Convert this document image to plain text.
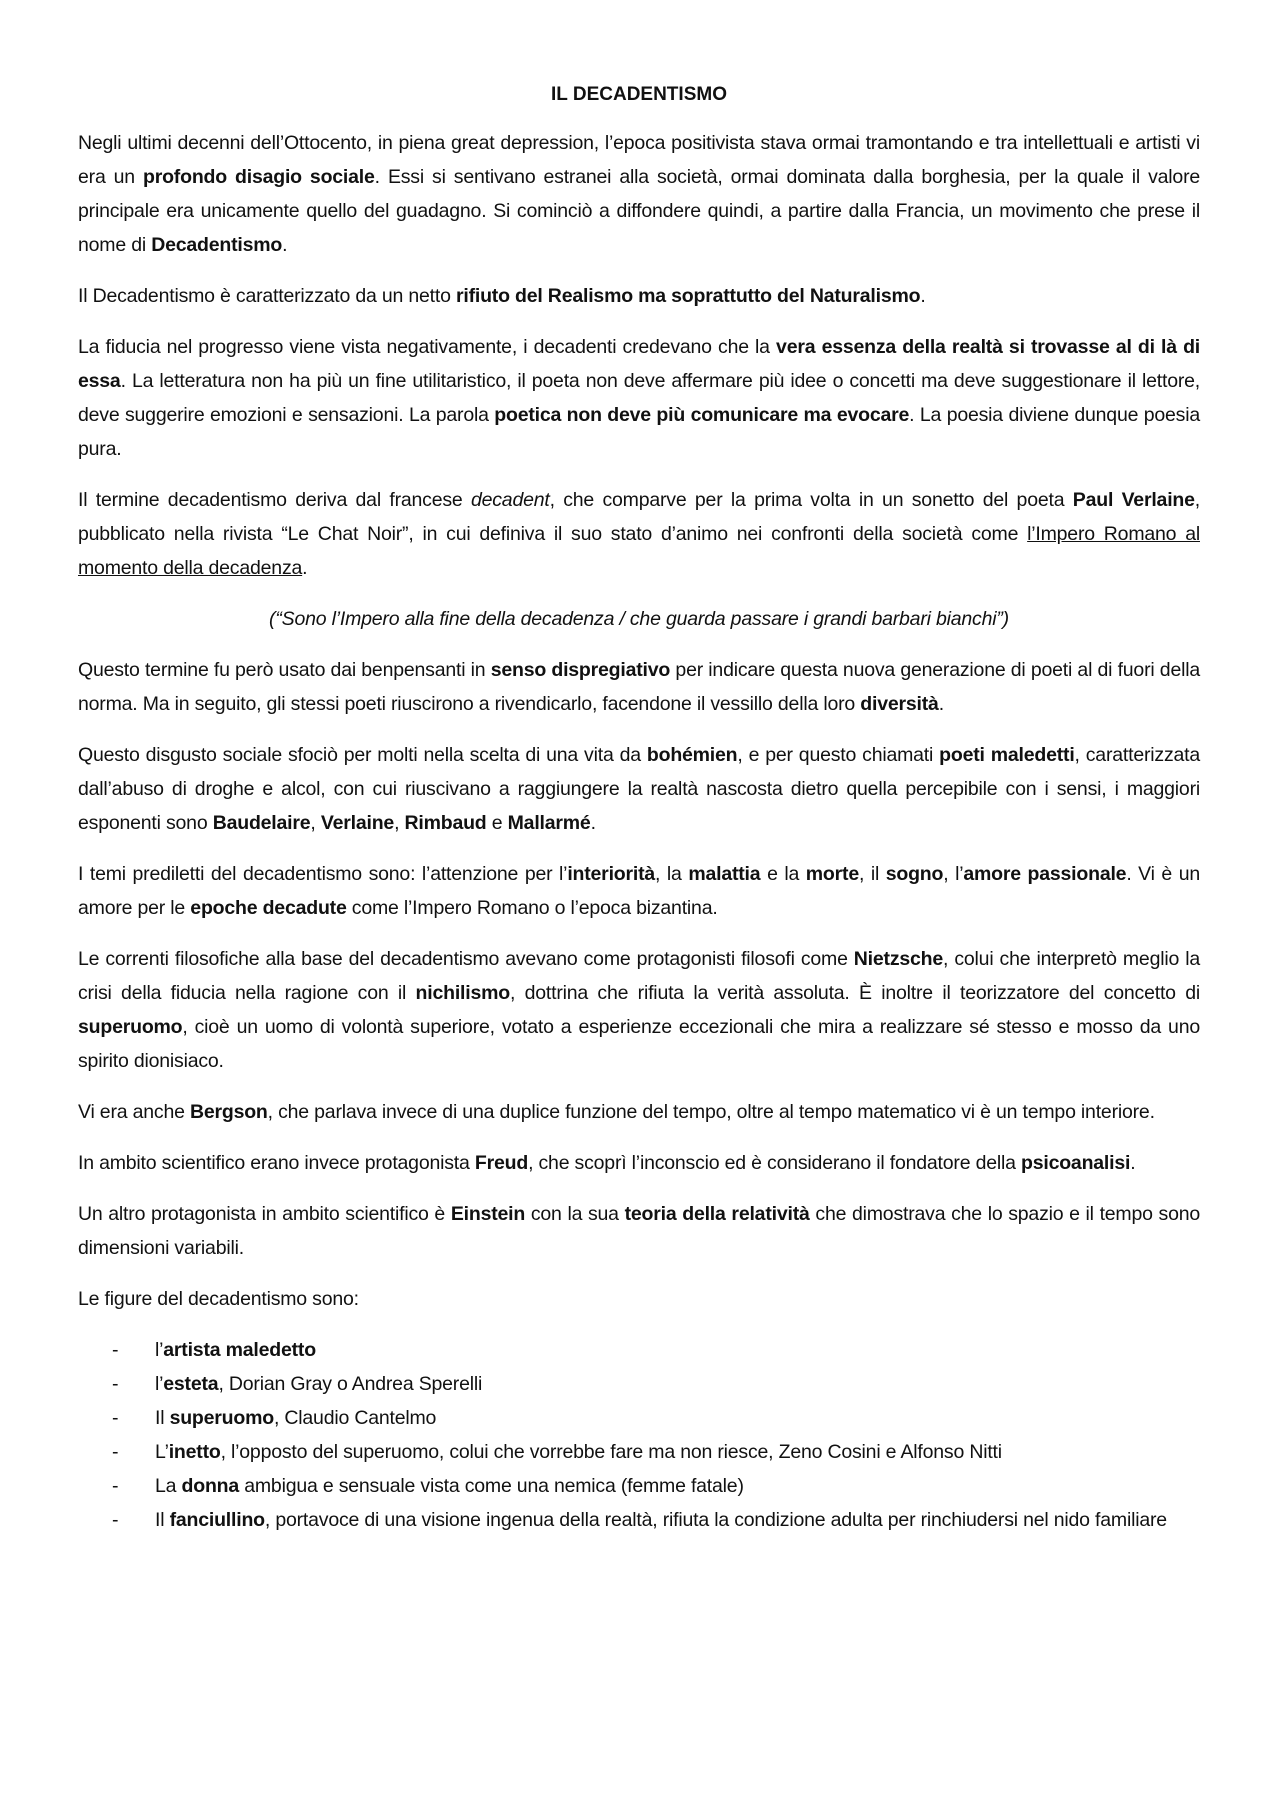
IL DECADENTISMO

Negli ultimi decenni dell’Ottocento, in piena great depression, l’epoca positivista stava ormai tramontando e tra intellettuali e artisti vi era un profondo disagio sociale. Essi si sentivano estranei alla società, ormai dominata dalla borghesia, per la quale il valore principale era unicamente quello del guadagno. Si cominciò a diffondere quindi, a partire dalla Francia, un movimento che prese il nome di Decadentismo.

Il Decadentismo è caratterizzato da un netto rifiuto del Realismo ma soprattutto del Naturalismo.

La fiducia nel progresso viene vista negativamente, i decadenti credevano che la vera essenza della realtà si trovasse al di là di essa. La letteratura non ha più un fine utilitaristico, il poeta non deve affermare più idee o concetti ma deve suggestionare il lettore, deve suggerire emozioni e sensazioni. La parola poetica non deve più comunicare ma evocare. La poesia diviene dunque poesia pura.

Il termine decadentismo deriva dal francese decadent, che comparve per la prima volta in un sonetto del poeta Paul Verlaine, pubblicato nella rivista “Le Chat Noir”, in cui definiva il suo stato d’animo nei confronti della società come l’Impero Romano al momento della decadenza.

(“Sono l’Impero alla fine della decadenza / che guarda passare i grandi barbari bianchi”)

Questo termine fu però usato dai benpensanti in senso dispregiativo per indicare questa nuova generazione di poeti al di fuori della norma. Ma in seguito, gli stessi poeti riuscirono a rivendicarlo, facendone il vessillo della loro diversità.

Questo disgusto sociale sfociò per molti nella scelta di una vita da bohémien, e per questo chiamati poeti maledetti, caratterizzata dall’abuso di droghe e alcol, con cui riuscivano a raggiungere la realtà nascosta dietro quella percepibile con i sensi, i maggiori esponenti sono Baudelaire, Verlaine, Rimbaud e Mallarmé.

I temi prediletti del decadentismo sono: l’attenzione per l’interiorità, la malattia e la morte, il sogno, l’amore passionale. Vi è un amore per le epoche decadute come l’Impero Romano o l’epoca bizantina.

Le correnti filosofiche alla base del decadentismo avevano come protagonisti filosofi come Nietzsche, colui che interpretò meglio la crisi della fiducia nella ragione con il nichilismo, dottrina che rifiuta la verità assoluta. È inoltre il teorizzatore del concetto di superuomo, cioè un uomo di volontà superiore, votato a esperienze eccezionali che mira a realizzare sé stesso e mosso da uno spirito dionisiaco.

Vi era anche Bergson, che parlava invece di una duplice funzione del tempo, oltre al tempo matematico vi è un tempo interiore.

In ambito scientifico erano invece protagonista Freud, che scoprì l’inconscio ed è considerano il fondatore della psicoanalisi.

Un altro protagonista in ambito scientifico è Einstein con la sua teoria della relatività che dimostrava che lo spazio e il tempo sono dimensioni variabili.

Le figure del decadentismo sono:

- l’artista maledetto
- l’esteta, Dorian Gray o Andrea Sperelli
- Il superuomo, Claudio Cantelmo
- L’inetto, l’opposto del superuomo, colui che vorrebbe fare ma non riesce, Zeno Cosini e Alfonso Nitti
- La donna ambigua e sensuale vista come una nemica (femme fatale)
- Il fanciullino, portavoce di una visione ingenua della realtà, rifiuta la condizione adulta per rinchiudersi nel nido familiare
